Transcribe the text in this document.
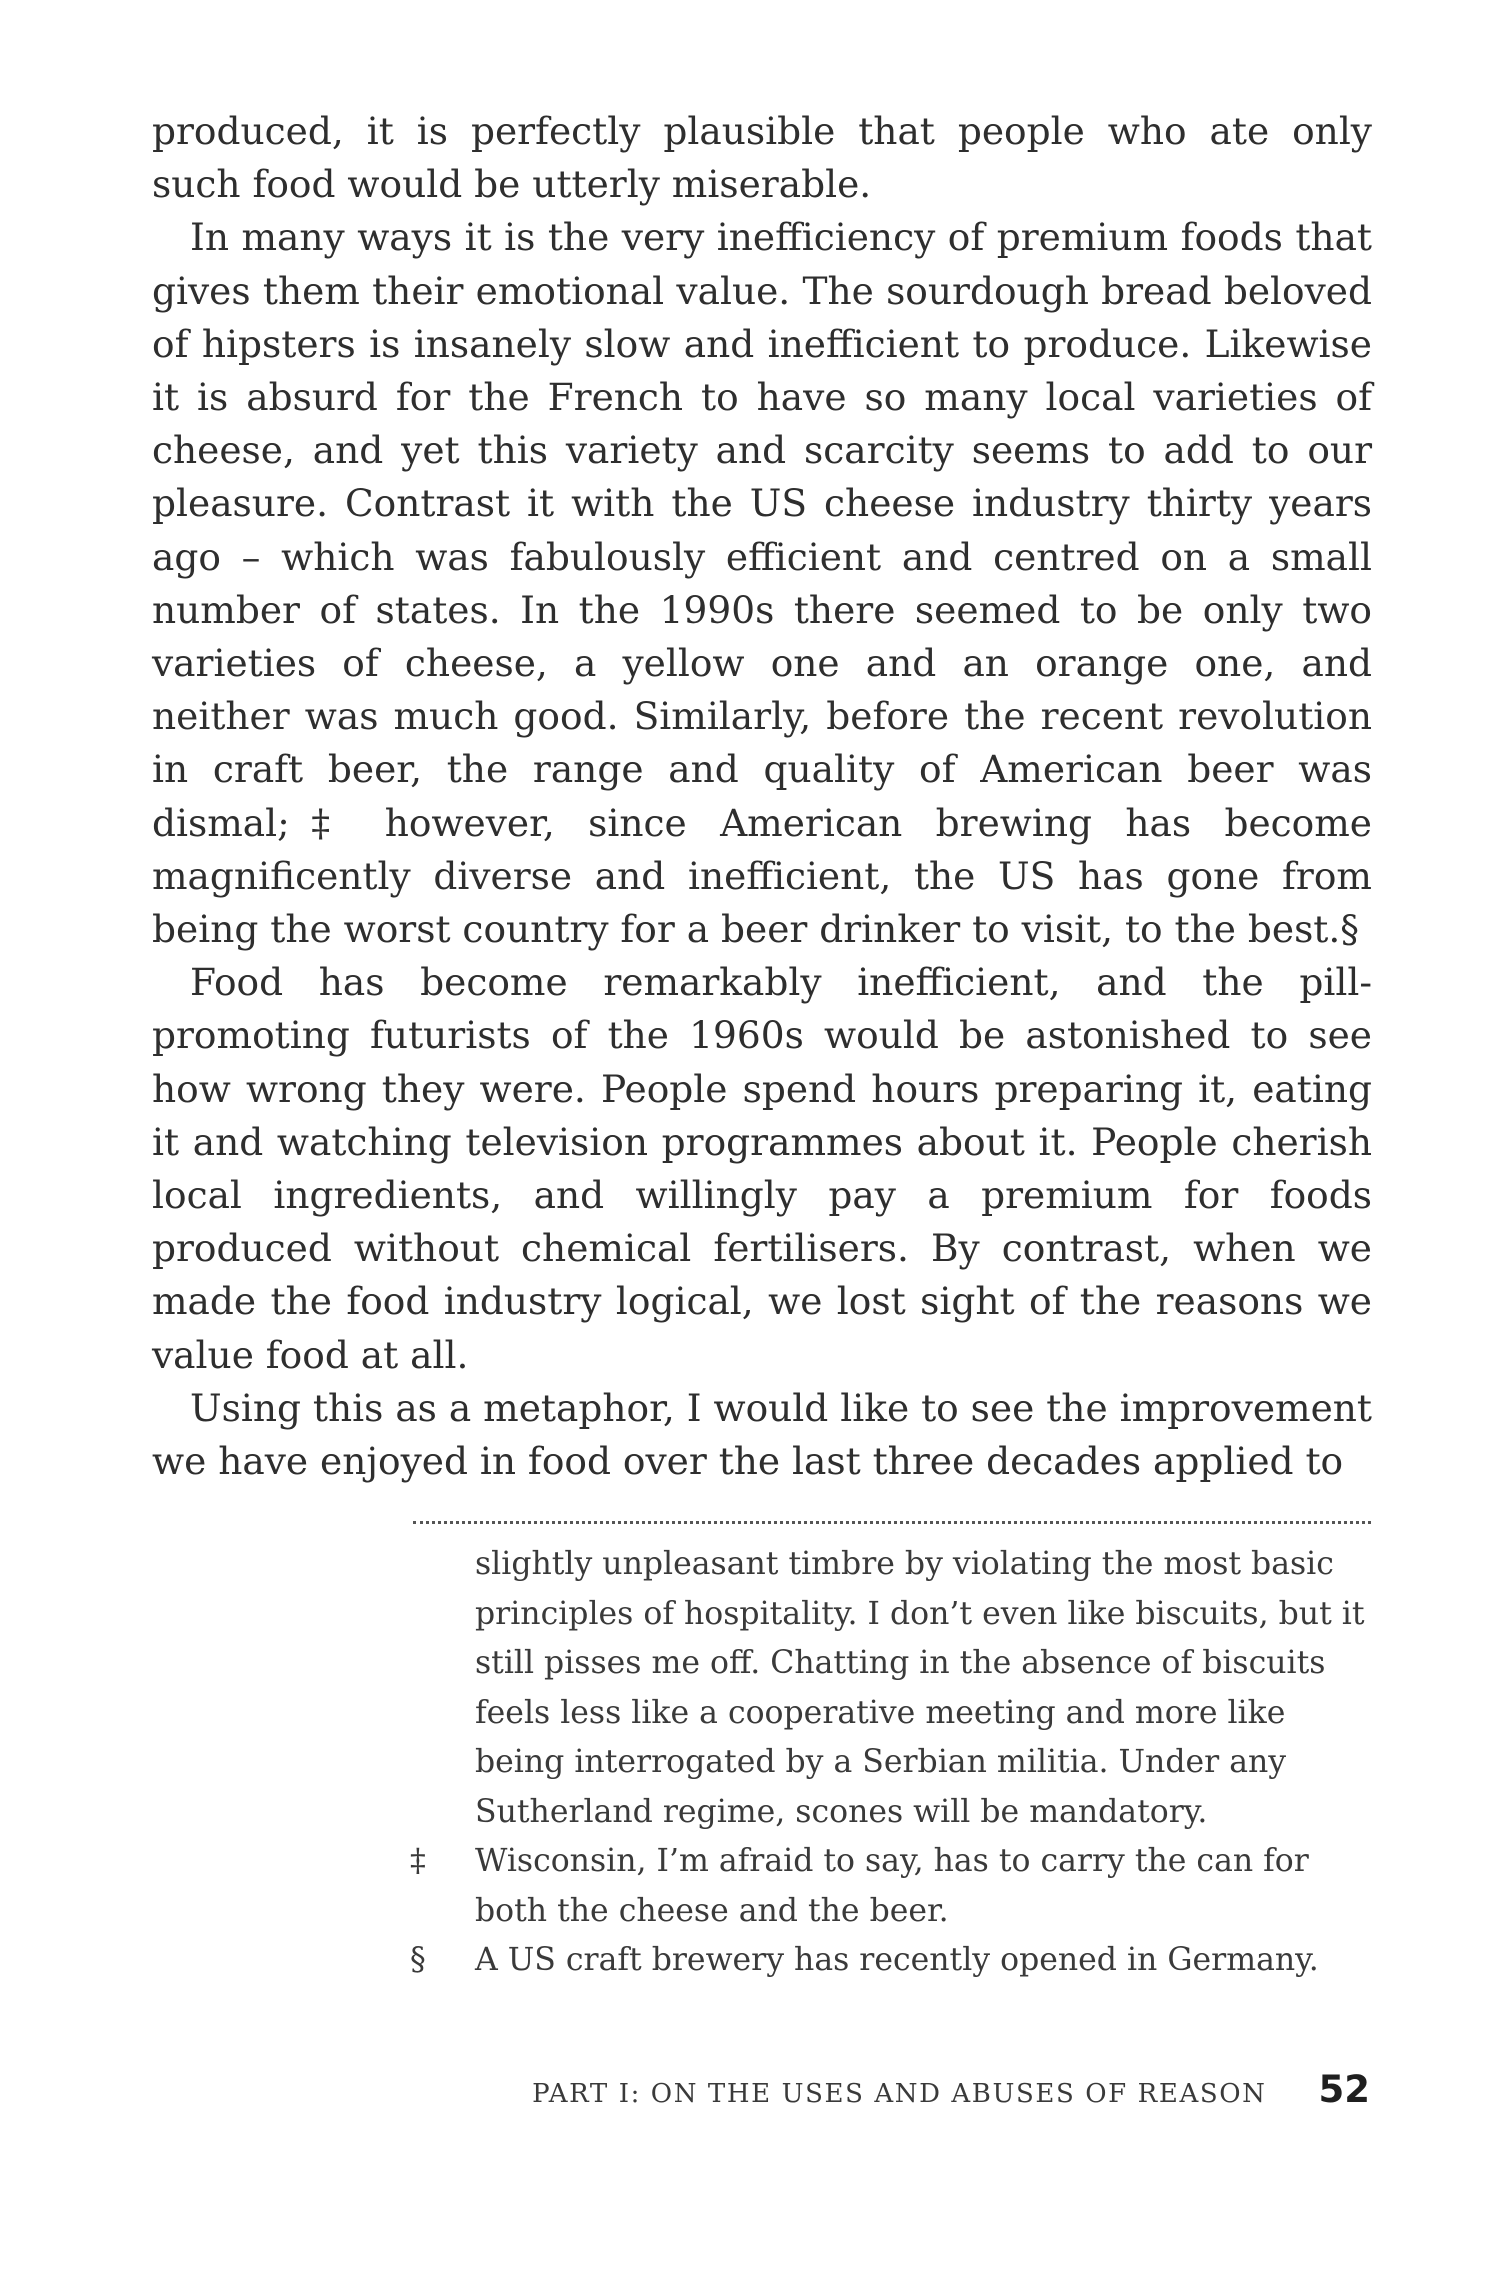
produced, it is perfectly plausible that people who ate only such food would be utterly miserable.

In many ways it is the very inefficiency of premium foods that gives them their emotional value. The sourdough bread beloved of hipsters is insanely slow and inefficient to produce. Likewise it is absurd for the French to have so many local varieties of cheese, and yet this variety and scarcity seems to add to our pleasure. Contrast it with the US cheese industry thirty years ago – which was fabulously efficient and centred on a small number of states. In the 1990s there seemed to be only two varieties of cheese, a yellow one and an orange one, and neither was much good. Similarly, before the recent revolution in craft beer, the range and quality of American beer was dismal;‡ however, since American brewing has become magnificently diverse and inefficient, the US has gone from being the worst country for a beer drinker to visit, to the best.§

Food has become remarkably inefficient, and the pill-promoting futurists of the 1960s would be astonished to see how wrong they were. People spend hours preparing it, eating it and watching television programmes about it. People cherish local ingredients, and willingly pay a premium for foods produced without chemical fertilisers. By contrast, when we made the food industry logical, we lost sight of the reasons we value food at all.

Using this as a metaphor, I would like to see the improvement we have enjoyed in food over the last three decades applied to

slightly unpleasant timbre by violating the most basic principles of hospitality. I don’t even like biscuits, but it still pisses me off. Chatting in the absence of biscuits feels less like a cooperative meeting and more like being interrogated by a Serbian militia. Under any Sutherland regime, scones will be mandatory.
‡	Wisconsin, I’m afraid to say, has to carry the can for both the cheese and the beer.
§	A US craft brewery has recently opened in Germany.
PART I: ON THE USES AND ABUSES OF REASON 52
